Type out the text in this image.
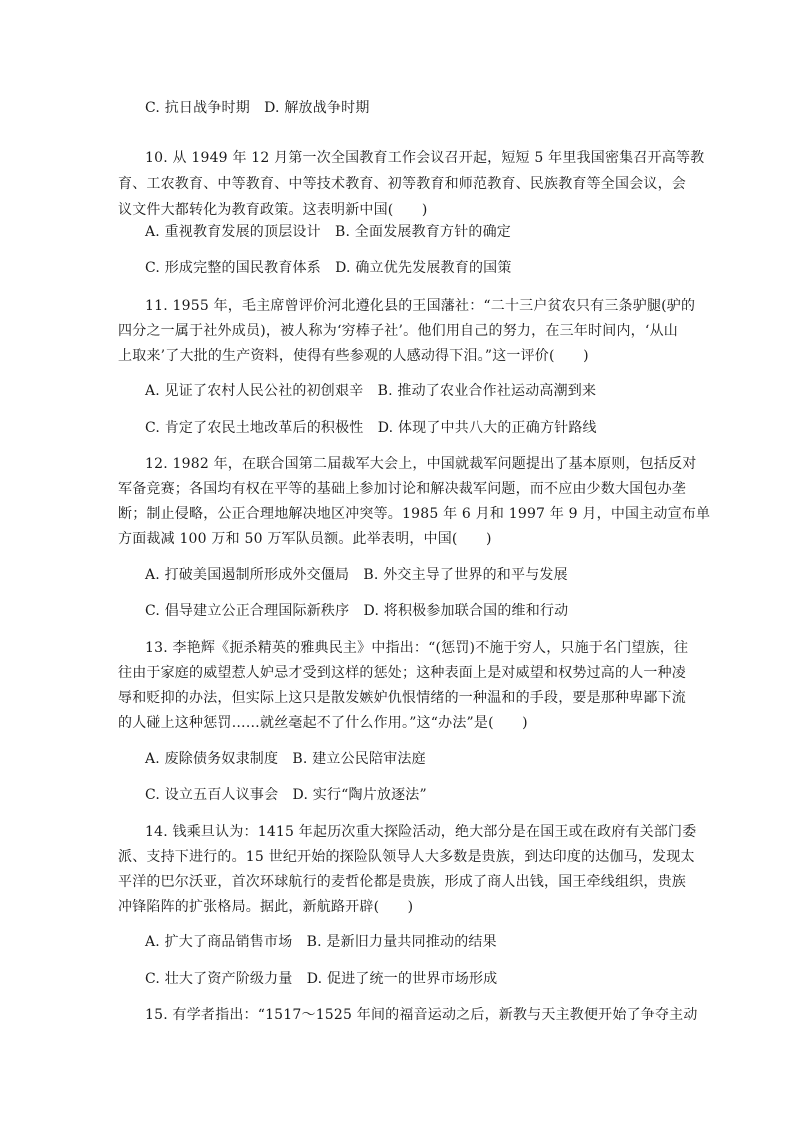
C. 抗日战争时期　D. 解放战争时期
10. 从 1949 年 12 月第一次全国教育工作会议召开起，短短 5 年里我国密集召开高等教
育、工农教育、中等教育、中等技术教育、初等教育和师范教育、民族教育等全国会议，会
议文件大都转化为教育政策。这表明新中国(　　)
A. 重视教育发展的顶层设计　B. 全面发展教育方针的确定
C. 形成完整的国民教育体系　D. 确立优先发展教育的国策
11. 1955 年，毛主席曾评价河北遵化县的王国藩社：“二十三户贫农只有三条驴腿(驴的
四分之一属于社外成员)，被人称为‘穷棒子社’。他们用自己的努力，在三年时间内，‘从山
上取来’了大批的生产资料，使得有些参观的人感动得下泪。”这一评价(　　)
A. 见证了农村人民公社的初创艰辛　B. 推动了农业合作社运动高潮到来
C. 肯定了农民土地改革后的积极性　D. 体现了中共八大的正确方针路线
12. 1982 年，在联合国第二届裁军大会上，中国就裁军问题提出了基本原则，包括反对
军备竞赛；各国均有权在平等的基础上参加讨论和解决裁军问题，而不应由少数大国包办垄
断；制止侵略，公正合理地解决地区冲突等。1985 年 6 月和 1997 年 9 月，中国主动宣布单
方面裁减 100 万和 50 万军队员额。此举表明，中国(　　)
A. 打破美国遏制所形成外交僵局　B. 外交主导了世界的和平与发展
C. 倡导建立公正合理国际新秩序　D. 将积极参加联合国的维和行动
13. 李艳辉《扼杀精英的雅典民主》中指出：“(惩罚)不施于穷人，只施于名门望族，往
往由于家庭的威望惹人妒忌才受到这样的惩处；这种表面上是对威望和权势过高的人一种凌
辱和贬抑的办法，但实际上这只是散发嫉妒仇恨情绪的一种温和的手段，要是那种卑鄙下流
的人碰上这种惩罚……就丝毫起不了什么作用。”这“办法”是(　　)
A. 废除债务奴隶制度　B. 建立公民陪审法庭
C. 设立五百人议事会　D. 实行“陶片放逐法”
14. 钱乘旦认为：1415 年起历次重大探险活动，绝大部分是在国王或在政府有关部门委
派、支持下进行的。15 世纪开始的探险队领导人大多数是贵族，到达印度的达伽马，发现太
平洋的巴尔沃亚，首次环球航行的麦哲伦都是贵族，形成了商人出钱，国王牵线组织，贵族
冲锋陷阵的扩张格局。据此，新航路开辟(　　)
A. 扩大了商品销售市场　B. 是新旧力量共同推动的结果
C. 壮大了资产阶级力量　D. 促进了统一的世界市场形成
15. 有学者指出：“1517～1525 年间的福音运动之后，新教与天主教便开始了争夺主动
